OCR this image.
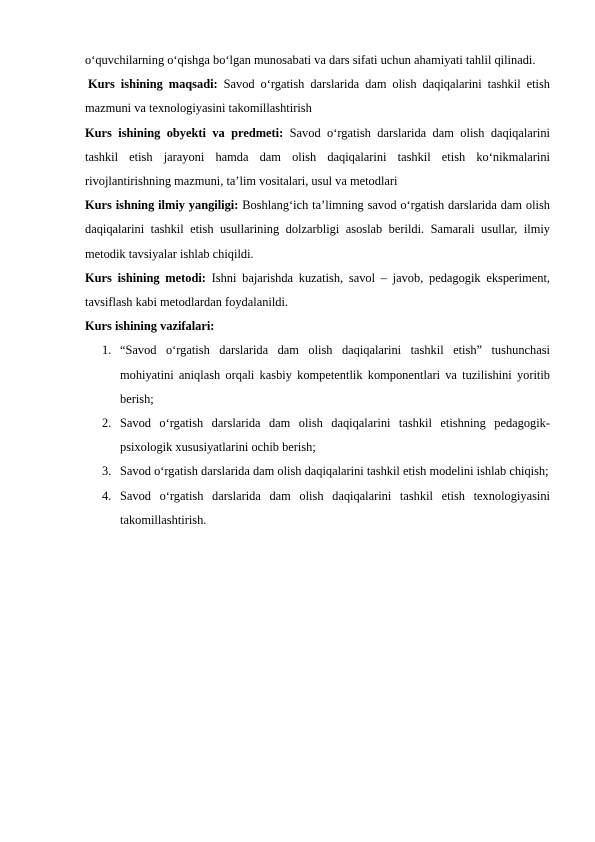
o‘quvchilarning o‘qishga bo‘lgan munosabati va dars sifati uchun ahamiyati tahlil qilinadi.

Kurs ishining maqsadi: Savod o‘rgatish darslarida dam olish daqiqalarini tashkil etish mazmuni va texnologiyasini takomillashtirish

Kurs ishining obyekti va predmeti: Savod o‘rgatish darslarida dam olish daqiqalarini tashkil etish jarayoni hamda dam olish daqiqalarini tashkil etish ko‘nikmalarini rivojlantirishning mazmuni, ta’lim vositalari, usul va metodlari

Kurs ishning ilmiy yangiligi: Boshlang‘ich ta’limning savod o‘rgatish darslarida dam olish daqiqalarini tashkil etish usullarining dolzarbligi asoslab berildi. Samarali usullar, ilmiy metodik tavsiyalar ishlab chiqildi.

Kurs ishining metodi: Ishni bajarishda kuzatish, savol – javob, pedagogik eksperiment, tavsiflash kabi metodlardan foydalanildi.

Kurs ishining vazifalari:

1. “Savod o‘rgatish darslarida dam olish daqiqalarini tashkil etish” tushunchasi mohiyatini aniqlash orqali kasbiy kompetentlik komponentlari va tuzilishini yoritib berish;
2. Savod o‘rgatish darslarida dam olish daqiqalarini tashkil etishning pedagogik-psixologik xususiyatlarini ochib berish;
3. Savod o‘rgatish darslarida dam olish daqiqalarini tashkil etish modelini ishlab chiqish;
4. Savod o‘rgatish darslarida dam olish daqiqalarini tashkil etish texnologiyasini takomillashtirish.
